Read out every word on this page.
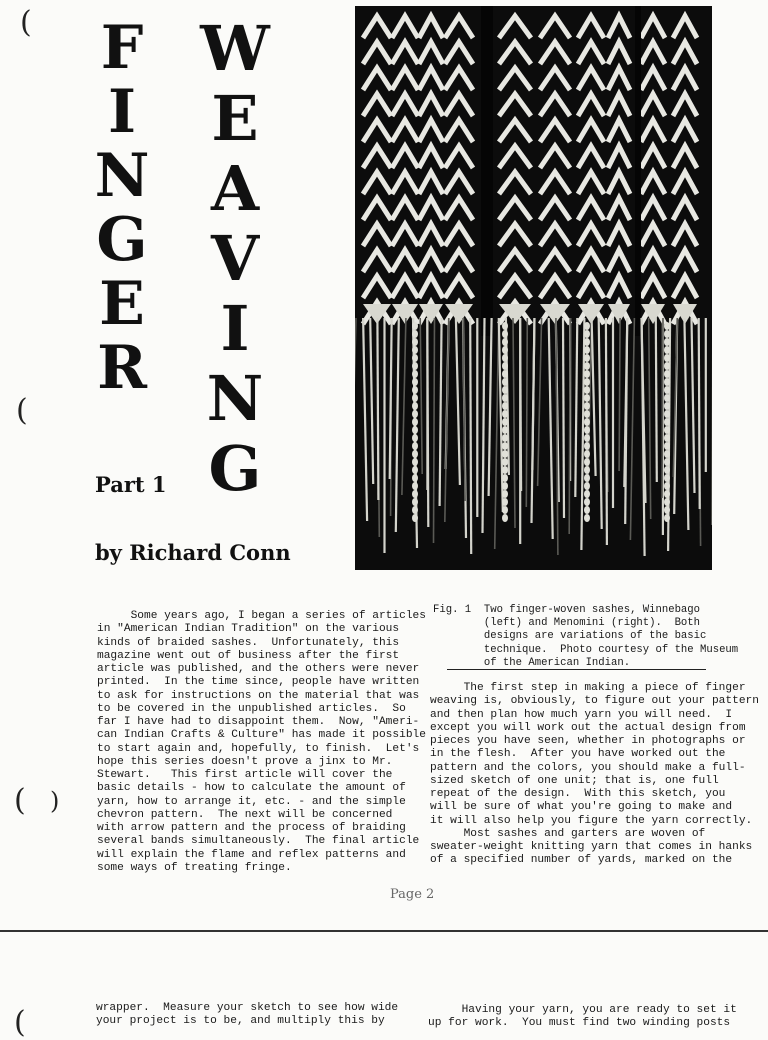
(
(
( )
(
F
I
N
G
E
R
W
E
A
V
I
N
G
Part 1
by Richard Conn
Some years ago, I began a series of articles
in "American Indian Tradition" on the various
kinds of braided sashes.  Unfortunately, this
magazine went out of business after the first
article was published, and the others were never
printed.  In the time since, people have written
to ask for instructions on the material that was
to be covered in the unpublished articles.  So
far I have had to disappoint them.  Now, "Ameri-
can Indian Crafts & Culture" has made it possible
to start again and, hopefully, to finish.  Let's
hope this series doesn't prove a jinx to Mr.
Stewart.   This first article will cover the
basic details - how to calculate the amount of
yarn, how to arrange it, etc. - and the simple
chevron pattern.  The next will be concerned
with arrow pattern and the process of braiding
several bands simultaneously.  The final article
will explain the flame and reflex patterns and
some ways of treating fringe.
Fig. 1  Two finger-woven sashes, Winnebago
(left) and Menomini (right).  Both
designs are variations of the basic
technique.  Photo courtesy of the Museum
of the American Indian.
The first step in making a piece of finger
weaving is, obviously, to figure out your pattern
and then plan how much yarn you will need.  I
except you will work out the actual design from
pieces you have seen, whether in photographs or
in the flesh.  After you have worked out the
pattern and the colors, you should make a full-
sized sketch of one unit; that is, one full
repeat of the design.  With this sketch, you
will be sure of what you're going to make and
it will also help you figure the yarn correctly.
Most sashes and garters are woven of
sweater-weight knitting yarn that comes in hanks
of a specified number of yards, marked on the
Page 2
wrapper.  Measure your sketch to see how wide
your project is to be, and multiply this by
Having your yarn, you are ready to set it
up for work.  You must find two winding posts
